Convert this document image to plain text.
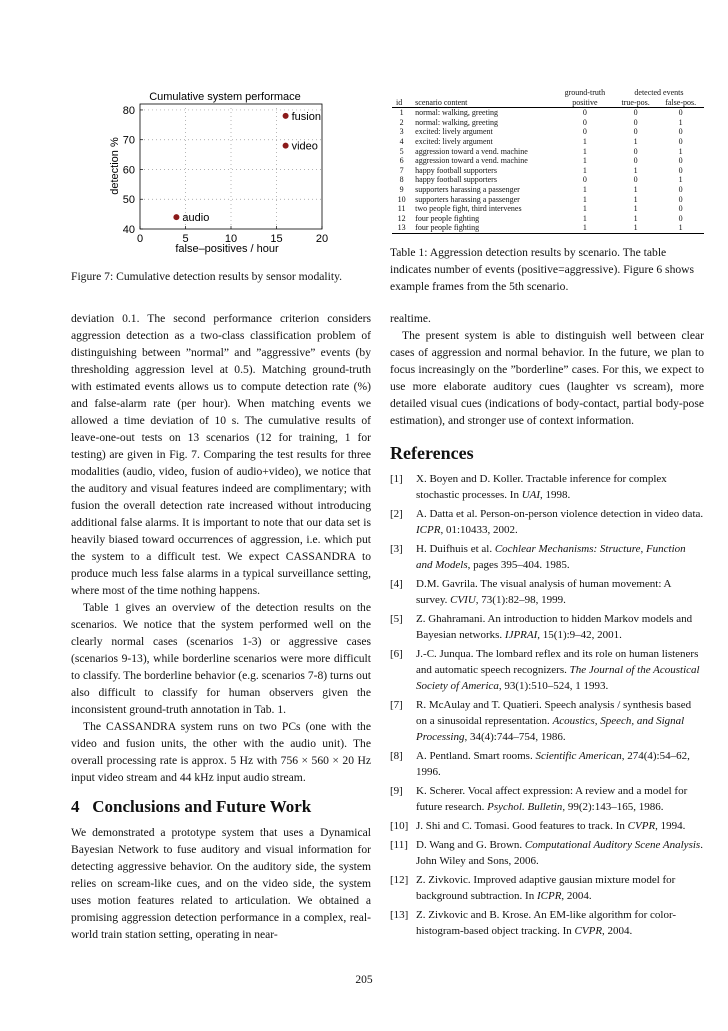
Cumulative system performace
0	5	10	15	20
40
50
60
70
80	fusion
video
audio
false–positives / hour
detection %

Figure 7: Cumulative detection results by sensor modality.

		ground-truth	detected events	
id	scenario content	positive	true-pos.	false-pos.
1	normal: walking, greeting	0	0	0
2	normal: walking, greeting	0	0	1
3	excited: lively argument	0	0	0
4	excited: lively argument	1	1	0
5	aggression toward a vend. machine	1	0	1
6	aggression toward a vend. machine	1	0	0
7	happy football supporters	1	1	0
8	happy football supporters	0	0	1
9	supporters harassing a passenger	1	1	0
10	supporters harassing a passenger	1	1	0
11	two people fight, third intervenes	1	1	0
12	four people fighting	1	1	0
13	four people fighting	1	1	1

Table 1: Aggression detection results by scenario. The table indicates number of events (positive=aggressive). Figure 6 shows example frames from the 5th scenario.

deviation 0.1. The second performance criterion considers aggression detection as a two-class classification problem of distinguishing between ”normal” and ”aggressive” events (by thresholding aggression level at 0.5). Matching ground-truth with estimated events allows us to compute detection rate (%) and false-alarm rate (per hour). When matching events we allowed a time deviation of 10 s. The cumulative results of leave-one-out tests on 13 scenarios (12 for training, 1 for testing) are given in Fig. 7. Comparing the test results for three modalities (audio, video, fusion of audio+video), we notice that the auditory and visual features indeed are complimentary; with fusion the overall detection rate increased without introducing additional false alarms. It is important to note that our data set is heavily biased toward occurrences of aggression, i.e. which put the system to a difficult test. We expect CASSANDRA to produce much less false alarms in a typical surveillance setting, where most of the time nothing happens.

Table 1 gives an overview of the detection results on the scenarios. We notice that the system performed well on the clearly normal cases (scenarios 1-3) or aggressive cases (scenarios 9-13), while borderline scenarios were more difficult to classify. The borderline behavior (e.g. scenarios 7-8) turns out also difficult to classify for human observers given the inconsistent ground-truth annotation in Tab. 1.

The CASSANDRA system runs on two PCs (one with the video and fusion units, the other with the audio unit). The overall processing rate is approx. 5 Hz with 756 × 560 × 20 Hz input video stream and 44 kHz input audio stream.

4   Conclusions and Future Work

We demonstrated a prototype system that uses a Dynamical Bayesian Network to fuse auditory and visual information for detecting aggressive behavior. On the auditory side, the system relies on scream-like cues, and on the video side, the system uses motion features related to articulation. We obtained a promising aggression detection performance in a complex, real-world train station setting, operating in near-

realtime.

The present system is able to distinguish well between clear cases of aggression and normal behavior. In the future, we plan to focus increasingly on the ”borderline” cases. For this, we expect to use more elaborate auditory cues (laughter vs scream), more detailed visual cues (indications of body-contact, partial body-pose estimation), and stronger use of context information.

References
[1]	X. Boyen and D. Koller. Tractable inference for complex stochastic processes. In UAI, 1998.
[2]	A. Datta et al. Person-on-person violence detection in video data. ICPR, 01:10433, 2002.
[3]	H. Duifhuis et al. Cochlear Mechanisms: Structure, Function and Models, pages 395–404. 1985.
[4]	D.M. Gavrila. The visual analysis of human movement: A survey. CVIU, 73(1):82–98, 1999.
[5]	Z. Ghahramani. An introduction to hidden Markov models and Bayesian networks. IJPRAI, 15(1):9–42, 2001.
[6]	J.-C. Junqua. The lombard reflex and its role on human listeners and automatic speech recognizers. The Journal of the Acoustical Society of America, 93(1):510–524, 1 1993.
[7]	R. McAulay and T. Quatieri. Speech analysis / synthesis based on a sinusoidal representation. Acoustics, Speech, and Signal Processing, 34(4):744–754, 1986.
[8]	A. Pentland. Smart rooms. Scientific American, 274(4):54–62, 1996.
[9]	K. Scherer. Vocal affect expression: A review and a model for future research. Psychol. Bulletin, 99(2):143–165, 1986.
[10] J. Shi and C. Tomasi. Good features to track. In CVPR, 1994.
[11] D. Wang and G. Brown. Computational Auditory Scene Analysis. John Wiley and Sons, 2006.
[12] Z. Zivkovic. Improved adaptive gausian mixture model for background subtraction. In ICPR, 2004.
[13] Z. Zivkovic and B. Krose. An EM-like algorithm for color-histogram-based object tracking. In CVPR, 2004.
205
